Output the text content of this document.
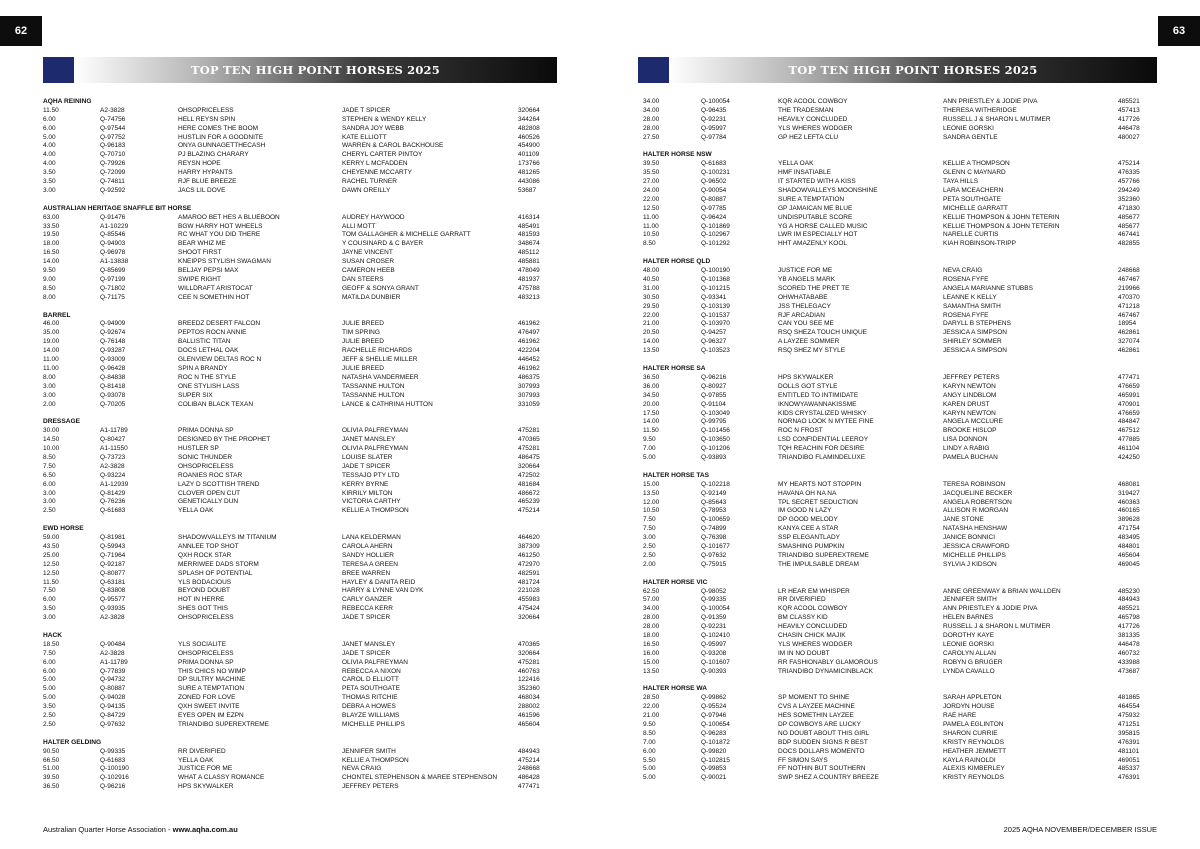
62
TOP TEN HIGH POINT HORSES 2025
AQHA REINING
11.50	A2-3828	OHSOPRICELESS	JADE T SPICER	320664
6.00	Q-74756	HELL REYSN SPIN	STEPHEN & WENDY KELLY	344264
6.00	Q-97544	HERE COMES THE BOOM	SANDRA JOY WEBB	482808
5.00	Q-97752	HUSTLIN FOR A GOODNITE	KATE ELLIOTT	460526
4.00	Q-96183	ONYA GUNNAGETTHECASH	WARREN & CAROL BACKHOUSE	454900
4.00	Q-70710	PJ BLAZING CHARARY	CHERYL CARTER PINTOY	401109
4.00	Q-79926	REYSN HOPE	KERRY L MCFADDEN	173766
3.50	Q-72099	HARRY HYPANTS	CHEYENNE MCCARTY	481265
3.50	Q-74811	RJF BLUE BREEZE	RACHEL TURNER	443086
3.00	Q-92592	JACS LIL DOVE	DAWN OREILLY	53687
AUSTRALIAN HERITAGE SNAFFLE BIT HORSE
63.00	Q-91476	AMAROO BET HES A BLUEBOON	AUDREY HAYWOOD	416314
33.50	A1-10229	BGW HARRY HOT WHEELS	ALLI MOTT	485491
19.50	Q-85546	RC WHAT YOU DID THERE	TOM GALLAGHER & MICHELLE GARRATT	481593
18.00	Q-94903	BEAR WHIZ ME	Y COUSINARD & C BAYER	348674
16.50	Q-96978	SHOOT FIRST	JAYNE VINCENT	485112
14.00	A1-13838	KNEIPPS STYLISH SWAGMAN	SUSAN CROSER	485881
9.50	Q-85699	BELJAY PEPSI MAX	CAMERON HEEB	478049
9.00	Q-97199	SWIPE RIGHT	DAN STEERS	481937
8.50	Q-71802	WILLDRAFT ARISTOCAT	GEOFF & SONYA GRANT	475788
8.00	Q-71175	CEE N SOMETHIN HOT	MATILDA DUNBIER	483213
BARREL
46.00	Q-94909	BREEDZ DESERT FALCON	JULIE BREED	461962
35.00	Q-92674	PEPTOS ROCN ANNIE	TIM SPRING	476497
19.00	Q-76148	BALLISTIC TITAN	JULIE BREED	461962
14.00	Q-93287	DOCS LETHAL OAK	RACHELLE RICHARDS	422204
11.00	Q-93009	GLENVIEW DELTAS ROC N	JEFF & SHELLIE MILLER	446452
11.00	Q-96428	SPIN A BRANDY	JULIE BREED	461962
8.00	Q-84838	ROC N THE STYLE	NATASHA VANDERMEER	486375
3.00	Q-81418	ONE STYLISH LASS	TASSANNE HULTON	307993
3.00	Q-93078	SUPER SIX	TASSANNE HULTON	307993
2.00	Q-70205	COLIBAN BLACK TEXAN	LANCE & CATHRINA HUTTON	331059
DRESSAGE
30.00	A1-11789	PRIMA DONNA SP	OLIVIA PALFREYMAN	475281
14.50	Q-80427	DESIGNED BY THE PROPHET	JANET MANSLEY	470365
10.00	A1-11550	HUSTLER SP	OLIVIA PALFREYMAN	475281
8.50	Q-73723	SONIC THUNDER	LOUISE SLATER	486475
7.50	A2-3828	OHSOPRICELESS	JADE T SPICER	320664
6.50	Q-93224	ROANIES ROC STAR	TESSAJO PTY LTD	472502
6.00	A1-12939	LAZY D SCOTTISH TREND	KERRY BYRNE	481684
3.00	Q-81429	CLOVER OPEN CUT	KIRRILY MILTON	486672
3.00	Q-76236	GENETICALLY DUN	VICTORIA CARTHY	465239
2.50	Q-61683	YELLA OAK	KELLIE A THOMPSON	475214
EWD HORSE
59.00	Q-81981	SHADOWVALLEYS IM TITANIUM	LANA KELDERMAN	464620
43.50	Q-59943	ANNLEE TOP SHOT	CAROLA AHERN	387309
25.00	Q-71964	QXH ROCK STAR	SANDY HOLLIER	461250
12.50	Q-92187	MERRIWEE DADS STORM	TERESA A GREEN	472970
12.50	Q-80877	SPLASH OF POTENTIAL	BREE WARREN	482591
11.50	Q-63181	YLS BODACIOUS	HAYLEY & DANITA REID	481724
7.50	Q-83808	BEYOND DOUBT	HARRY & LYNNE VAN DYK	221028
6.00	Q-95577	HOT IN HERRE	CARLY GANZER	455983
3.50	Q-93935	SHES GOT THIS	REBECCA KERR	475424
3.00	A2-3828	OHSOPRICELESS	JADE T SPICER	320664
HACK
18.50	Q-90484	YLS SOCIALITE	JANET MANSLEY	470365
7.50	A2-3828	OHSOPRICELESS	JADE T SPICER	320664
6.00	A1-11789	PRIMA DONNA SP	OLIVIA PALFREYMAN	475281
6.00	Q-77839	THIS CHICS NO WIMP	REBECCA A NIXON	460763
5.00	Q-94732	DP SULTRY MACHINE	CAROL D ELLIOTT	122416
5.00	Q-80887	SURE A TEMPTATION	PETA SOUTHGATE	352360
5.00	Q-94028	ZONED FOR LOVE	THOMAS RITCHIE	468034
3.50	Q-94135	QXH SWEET INVITE	DEBRA A HOWES	288002
2.50	Q-84729	EYES OPEN IM EZPN	BLAYZE WILLIAMS	461596
2.50	Q-97632	TRIANDIBO SUPEREXTREME	MICHELLE PHILLIPS	465604
HALTER GELDING
90.50	Q-99335	RR DIVERIFIED	JENNIFER SMITH	484943
66.50	Q-61683	YELLA OAK	KELLIE A THOMPSON	475214
51.00	Q-100190	JUSTICE FOR ME	NEVA CRAIG	248668
39.50	Q-102916	WHAT A CLASSY ROMANCE	CHONTEL STEPHENSON & MAREE STEPHENSON	486428
36.50	Q-96216	HPS SKYWALKER	JEFFREY PETERS	477471
Australian Quarter Horse Association - www.aqha.com.au
63
TOP TEN HIGH POINT HORSES 2025
34.00	Q-100054	KQR ACOOL COWBOY	ANN PRIESTLEY & JODIE PIVA	485521
34.00	Q-96435	THE TRADESMAN	THERESA WITHERIDGE	457413
28.00	Q-92231	HEAVILY CONCLUDED	RUSSELL J & SHARON L MUTIMER	417726
28.00	Q-95997	YLS WHERES WODGER	LEONIE GORSKI	446478
27.50	Q-97784	GP HEZ LEFTA CLU	SANDRA GENTLE	480027
HALTER HORSE NSW
39.50	Q-61683	YELLA OAK	KELLIE A THOMPSON	475214
35.50	Q-100231	HMF INSATIABLE	GLENN C MAYNARD	476335
27.00	Q-96502	IT STARTED WITH A KISS	TAYA HILLS	457766
24.00	Q-90054	SHADOWVALLEYS MOONSHINE	LARA MCEACHERN	294249
22.00	Q-80887	SURE A TEMPTATION	PETA SOUTHGATE	352360
12.50	Q-97785	GP JAMAICAN ME BLUE	MICHELLE GARRATT	471830
11.00	Q-96424	UNDISPUTABLE SCORE	KELLIE THOMPSON & JOHN TETERIN	485677
11.00	Q-101869	YG A HORSE CALLED MUSIC	KELLIE THOMPSON & JOHN TETERIN	485677
10.50	Q-102967	LWR IM ESPECIALLY HOT	NARELLE CURTIS	467441
8.50	Q-101292	HHT AMAZENLY KOOL	KIAH ROBINSON-TRIPP	482855
HALTER HORSE QLD
48.00	Q-100190	JUSTICE FOR ME	NEVA CRAIG	248668
40.50	Q-101368	YB ANGELS MARK	ROSENA FYFE	467467
31.00	Q-101215	SCORED THE PRET TE	ANGELA MARIANNE STUBBS	219966
30.50	Q-93341	OHWHATABABE	LEANNE K KELLY	470370
29.50	Q-103139	JSS THELEGACY	SAMANTHA SMITH	471218
22.00	Q-101537	RJF ARCADIAN	ROSENA FYFE	467467
21.00	Q-103970	CAN YOU SEE ME	DARYLL B STEPHENS	18954
20.50	Q-94257	RSQ SHEZA TOUCH UNIQUE	JESSICA A SIMPSON	462861
14.00	Q-96327	A LAYZEE SOMMER	SHIRLEY SOMMER	327074
13.50	Q-103523	RSQ SHEZ MY STYLE	JESSICA A SIMPSON	462861
HALTER HORSE SA
36.50	Q-96216	HPS SKYWALKER	JEFFREY PETERS	477471
36.00	Q-80927	DOLLS GOT STYLE	KARYN NEWTON	476659
34.50	Q-97855	ENTITLED TO INTIMIDATE	ANGY LINDBLOM	465991
20.00	Q-91104	IKNOWYAWANNAKISSME	KAREN DRUST	470901
17.50	Q-103049	KIDS CRYSTALIZED WHISKY	KARYN NEWTON	476659
14.00	Q-99795	NORNAO LOOK N MYTEE FINE	ANGELA MCCLURE	484847
11.50	Q-101456	ROC N FROST	BROOKE HISLOP	467512
9.50	Q-103650	LSD CONFIDENTIAL LEEROY	LISA DONNON	477885
7.00	Q-101206	TQH REACHIN FOR DESIRE	LINDY A RABIG	461104
5.00	Q-93893	TRIANDIBO FLAMINDELUXE	PAMELA BUCHAN	424250
HALTER HORSE TAS
15.00	Q-102218	MY HEARTS NOT STOPPIN	TERESA ROBINSON	468081
13.50	Q-92149	HAVANA OH NA NA	JACQUELINE BECKER	319427
12.00	Q-85643	TPL SECRET SEDUCTION	ANGELA ROBERTSON	460363
10.50	Q-78953	IM GOOD N LAZY	ALLISON R MORGAN	460165
7.50	Q-100659	DP GOOD MELODY	JANE STONE	389628
7.50	Q-74899	KANYA CEE A STAR	NATASHA HENSHAW	471754
3.00	Q-76398	SSP ELEGANTLADY	JANICE BONNICI	483495
2.50	Q-101677	SMASHING PUMPKIN	JESSICA CRAWFORD	484801
2.50	Q-97632	TRIANDIBO SUPEREXTREME	MICHELLE PHILLIPS	465604
2.00	Q-75915	THE IMPULSABLE DREAM	SYLVIA J KIDSON	469045
HALTER HORSE VIC
62.50	Q-98052	LR HEAR EM WHISPER	ANNE GREENWAY & BRIAN WALLDEN	485230
57.00	Q-99335	RR DIVERIFIED	JENNIFER SMITH	484943
34.00	Q-100054	KQR ACOOL COWBOY	ANN PRIESTLEY & JODIE PIVA	485521
28.00	Q-91359	BM CLASSY KID	HELEN BARNES	465798
28.00	Q-92231	HEAVILY CONCLUDED	RUSSELL J & SHARON L MUTIMER	417726
18.00	Q-102410	CHASIN CHICK MAJIK	DOROTHY KAYE	381335
16.50	Q-95997	YLS WHERES WODGER	LEONIE GORSKI	446478
16.00	Q-93208	IM IN NO DOUBT	CAROLYN ALLAN	460732
15.00	Q-101607	RR FASHIONABLY GLAMOROUS	ROBYN G BRUGER	433988
13.50	Q-90393	TRIANDIBO DYNAMICINBLACK	LYNDA CAVALLO	473687
HALTER HORSE WA
28.50	Q-99862	SP MOMENT TO SHINE	SARAH APPLETON	481865
22.00	Q-95524	CVS A LAYZEE MACHINE	JORDYN HOUSE	464554
21.00	Q-97946	HES SOMETHIN LAYZEE	RAE HARE	475932
9.50	Q-100654	DP COWBOYS ARE LUCKY	PAMELA EGLINTON	471251
8.50	Q-96283	NO DOUBT ABOUT THIS GIRL	SHARON CURRIE	395815
7.00	Q-101872	BDP SUDDEN SIGNS R BEST	KRISTY REYNOLDS	476391
6.00	Q-99820	DOCS DOLLARS MOMENTO	HEATHER JEMMETT	481101
5.50	Q-102815	FF SIMON SAYS	KAYLA RAINOLDI	469051
5.00	Q-99853	FF NOTHIN BUT SOUTHERN	ALEXIS KIMBERLEY	485337
5.00	Q-90021	SWP SHEZ A COUNTRY BREEZE	KRISTY REYNOLDS	476391
2025 AQHA NOVEMBER/DECEMBER ISSUE
